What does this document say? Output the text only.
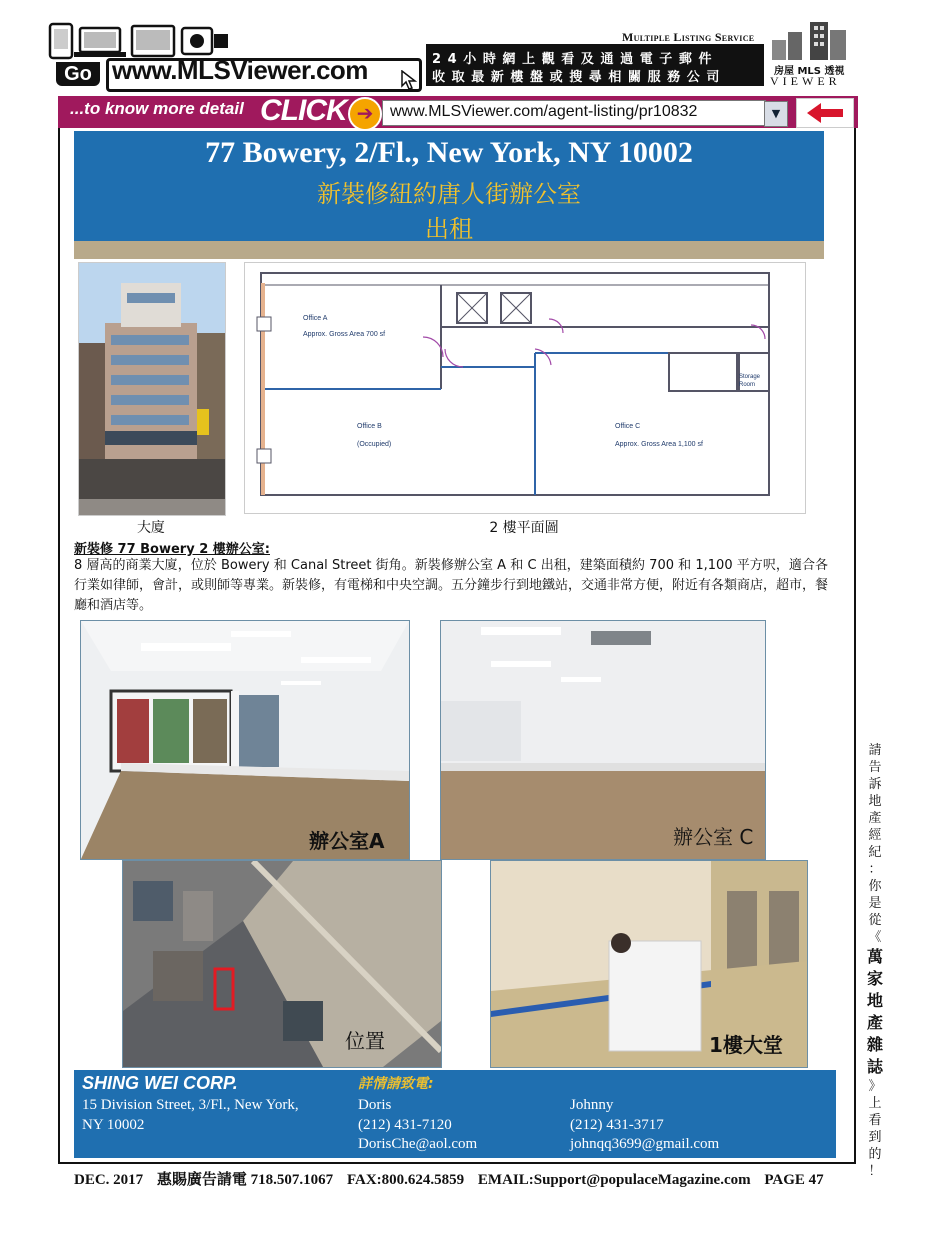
Go www.MLSViewer.com	24小時網上觀看及通過電子郵件
收取最新樓盤或搜尋相關服務公司
Multiple Listing Service
房屋 MLS 透視
VIEWER
...to know more detail CLICK ➔	www.MLSViewer.com/agent-listing/pr10832	▼
77 Bowery, 2/Fl., New York, NY 10002
新裝修紐約唐人街辦公室
出租
大廈
Office A
Approx. Gross Area 700 sf
Office B
(Occupied)
Office C
Approx. Gross Area 1,100 sf
Storage Room
2 樓平面圖
新裝修 77 Bowery 2 樓辦公室:
8 層高的商業大廈，位於 Bowery 和 Canal Street 街角。新裝修辦公室 A 和 C 出租，建築面積約 700 和 1,100 平方呎，適合各行業如律師，會計，或則師等專業。新裝修，有電梯和中央空調。五分鐘步行到地鐵站，交通非常方便，附近有各類商店，超市，餐廳和酒店等。
辦公室A	辦公室 C
位置	1樓大堂
SHING WEI CORP.
15 Division Street, 3/Fl., New York,
NY 10002
詳情請致電:
Doris
(212) 431-7120
DorisChe@aol.com
Johnny
(212) 431-3717
johnqq3699@gmail.com
請
告
訴
地
產
經
紀
：
你
是
從
《
萬
家
地
產
雜
誌
》
上
看
到
的
！
DEC. 2017 惠賜廣告請電 718.507.1067 FAX:800.624.5859 EMAIL:Support@populaceMagazine.com PAGE 47
